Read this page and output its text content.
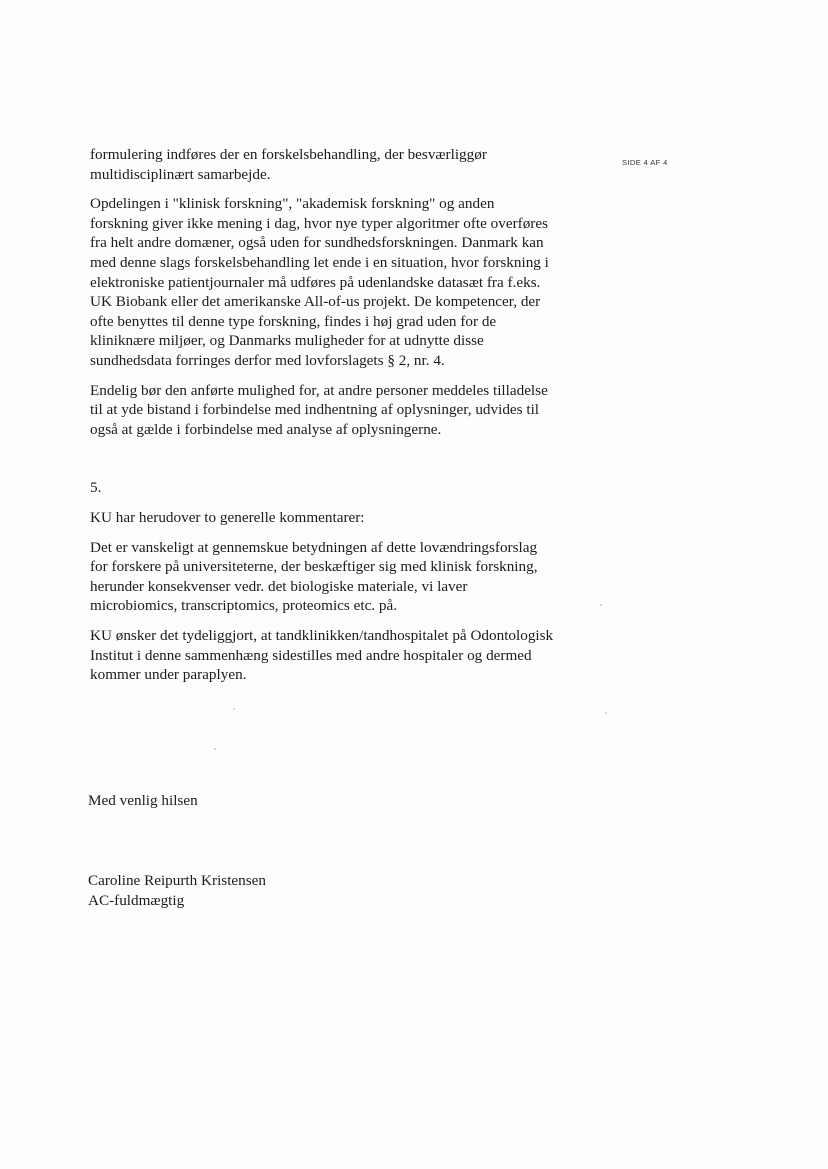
SIDE 4 AF 4

formulering indføres der en forskelsbehandling, der besværliggør
multidisciplinært samarbejde.

Opdelingen i "klinisk forskning", "akademisk forskning" og anden
forskning giver ikke mening i dag, hvor nye typer algoritmer ofte overføres
fra helt andre domæner, også uden for sundhedsforskningen. Danmark kan
med denne slags forskelsbehandling let ende i en situation, hvor forskning i
elektroniske patientjournaler må udføres på udenlandske datasæt fra f.eks.
UK Biobank eller det amerikanske All-of-us projekt. De kompetencer, der
ofte benyttes til denne type forskning, findes i høj grad uden for de
kliniknære miljøer, og Danmarks muligheder for at udnytte disse
sundhedsdata forringes derfor med lovforslagets § 2, nr. 4.

Endelig bør den anførte mulighed for, at andre personer meddeles tilladelse
til at yde bistand i forbindelse med indhentning af oplysninger, udvides til
også at gælde i forbindelse med analyse af oplysningerne.

5.

KU har herudover to generelle kommentarer:

Det er vanskeligt at gennemskue betydningen af dette lovændringsforslag
for forskere på universiteterne, der beskæftiger sig med klinisk forskning,
herunder konsekvenser vedr. det biologiske materiale, vi laver
microbiomics, transcriptomics, proteomics etc. på.

KU ønsker det tydeliggjort, at tandklinikken/tandhospitalet på Odontologisk
Institut i denne sammenhæng sidestilles med andre hospitaler og dermed
kommer under paraplyen.

Med venlig hilsen

Caroline Reipurth Kristensen
AC-fuldmægtig
